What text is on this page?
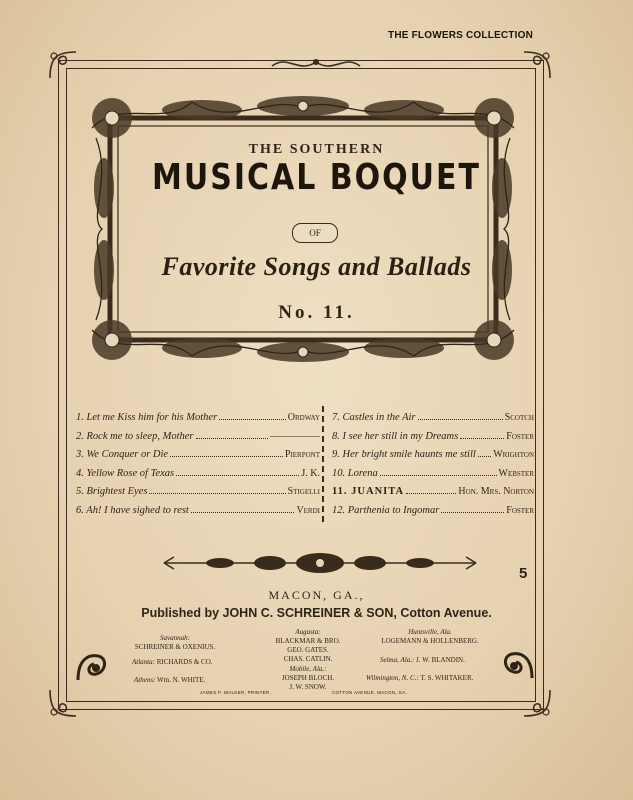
THE FLOWERS COLLECTION
THE SOUTHERN
MUSICAL BOQUET
OF
Favorite Songs and Ballads
No. 11.
1. Let me Kiss him for his Mother	Ordway
2. Rock me to sleep, Mother	—————
3. We Conquer or Die	Pierpont
4. Yellow Rose of Texas	J. K.
5. Brightest Eyes	Stigelli
6. Ah! I have sighed to rest	Verdi
7. Castles in the Air	Scotch
8. I see her still in my Dreams	Foster
9. Her bright smile haunts me still Wrighton
10. Lorena	Webster
11. JUANITA	Hon. Mrs. Norton
12. Parthenia to Ingomar	Foster
5
MACON, GA.,
Published by JOHN C. SCHREINER & SON, Cotton Avenue.
Savannah:
SCHREINER & OXENIUS.
Atlanta: RICHARDS & CO.
Athens: Wm. N. WHITE.
Augusta:
BLACKMAR & BRO.
GEO. GATES.
CHAS. CATLIN.
Mobile, Ala.:
JOSEPH BLOCH.
J. W. SNOW.
Huntsville, Ala.
LOGEMANN & HOLLENBERG.
Selma, Ala.: J. W. BLANDIN.
Wilmington, N. C.: T. S. WHITAKER.
JAMES P. WALKER, PRINTER,	COTTON AVENUE, MACON, GA.
